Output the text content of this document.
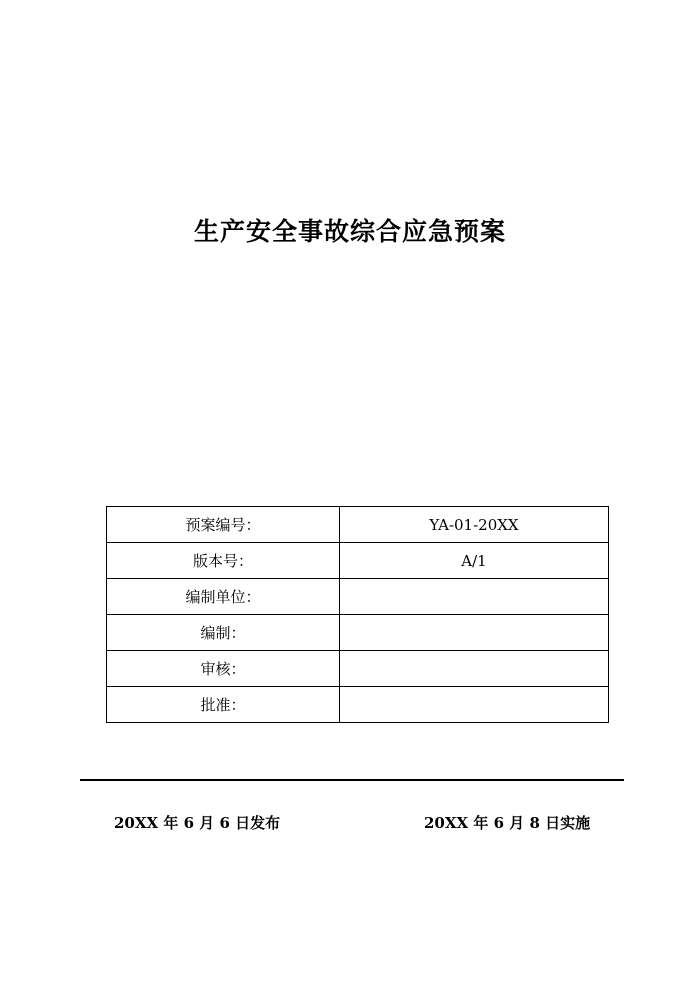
生产安全事故综合应急预案
预案编号：	YA-01-20XX
版本号：	A/1
编制单位：	
编制：	
审核：	
批准：	
20XX 年 6 月 6 日发布	20XX 年 6 月 8 日实施
